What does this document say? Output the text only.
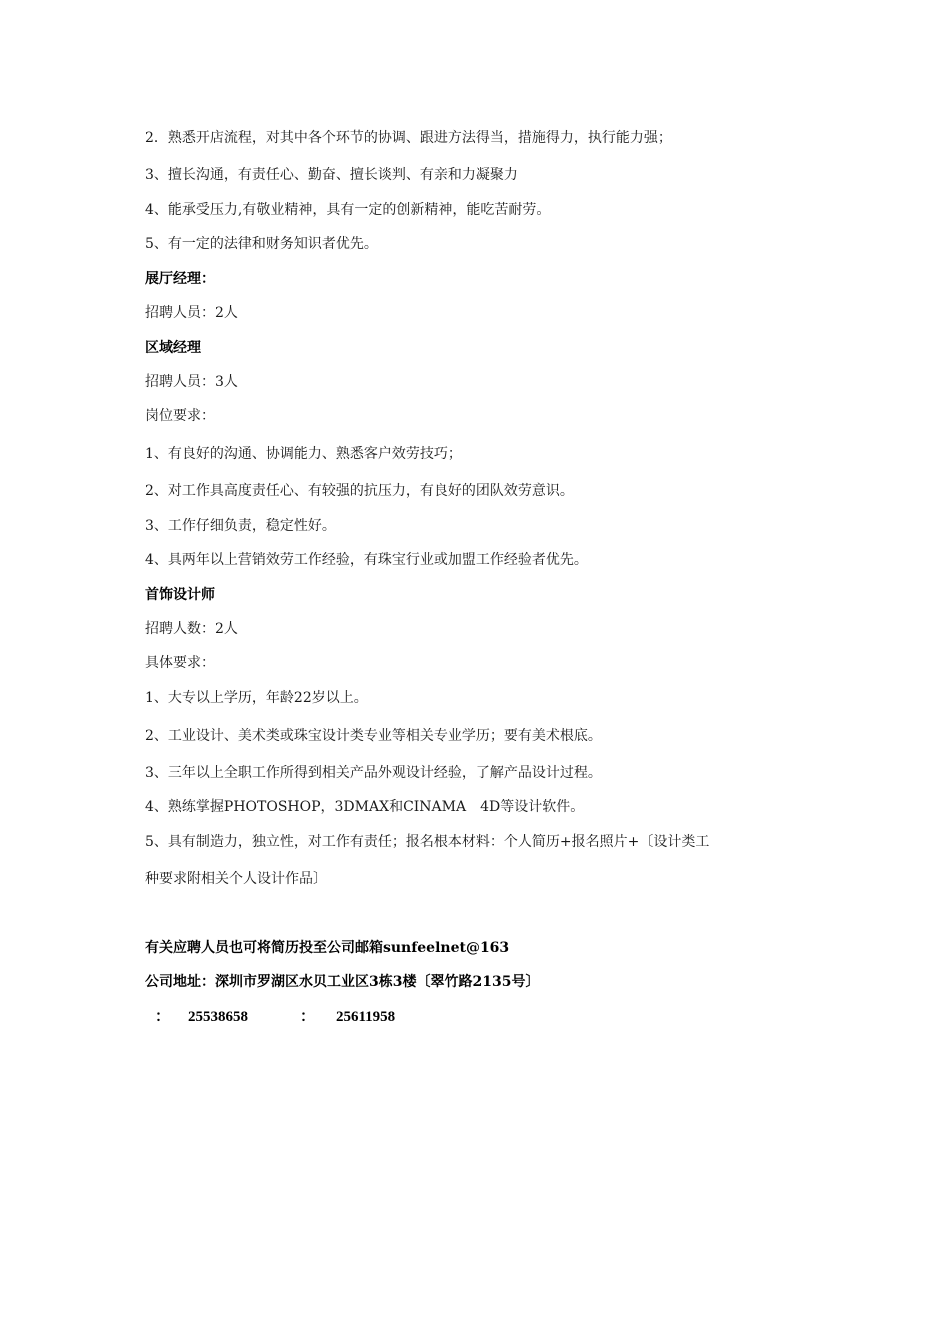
2．熟悉开店流程，对其中各个环节的协调、跟进方法得当，措施得力，执行能力强；

3、擅长沟通，有责任心、勤奋、擅长谈判、有亲和力凝聚力

4、能承受压力,有敬业精神，具有一定的创新精神，能吃苦耐劳。

5、有一定的法律和财务知识者优先。

展厅经理：

招聘人员：2人

区域经理

招聘人员：3人

岗位要求：

1、有良好的沟通、协调能力、熟悉客户效劳技巧；

2、对工作具高度责任心、有较强的抗压力，有良好的团队效劳意识。

3、工作仔细负责，稳定性好。

4、具两年以上营销效劳工作经验，有珠宝行业或加盟工作经验者优先。

首饰设计师

招聘人数：2人

具体要求：

1、大专以上学历，年龄22岁以上。

2、工业设计、美术类或珠宝设计类专业等相关专业学历；要有美术根底。

3、三年以上全职工作所得到相关产品外观设计经验，了解产品设计过程。

4、熟练掌握PHOTOSHOP，3DMAX和CINAMA　4D等设计软件。

5、具有制造力，独立性，对工作有责任；报名根本材料：个人简历+报名照片+〔设计类工

种要求附相关个人设计作品〕

有关应聘人员也可将简历投至公司邮箱sunfeelnet@163

公司地址：深圳市罗湖区水贝工业区3栋3楼〔翠竹路2135号〕

： 25538658	： 25611958
